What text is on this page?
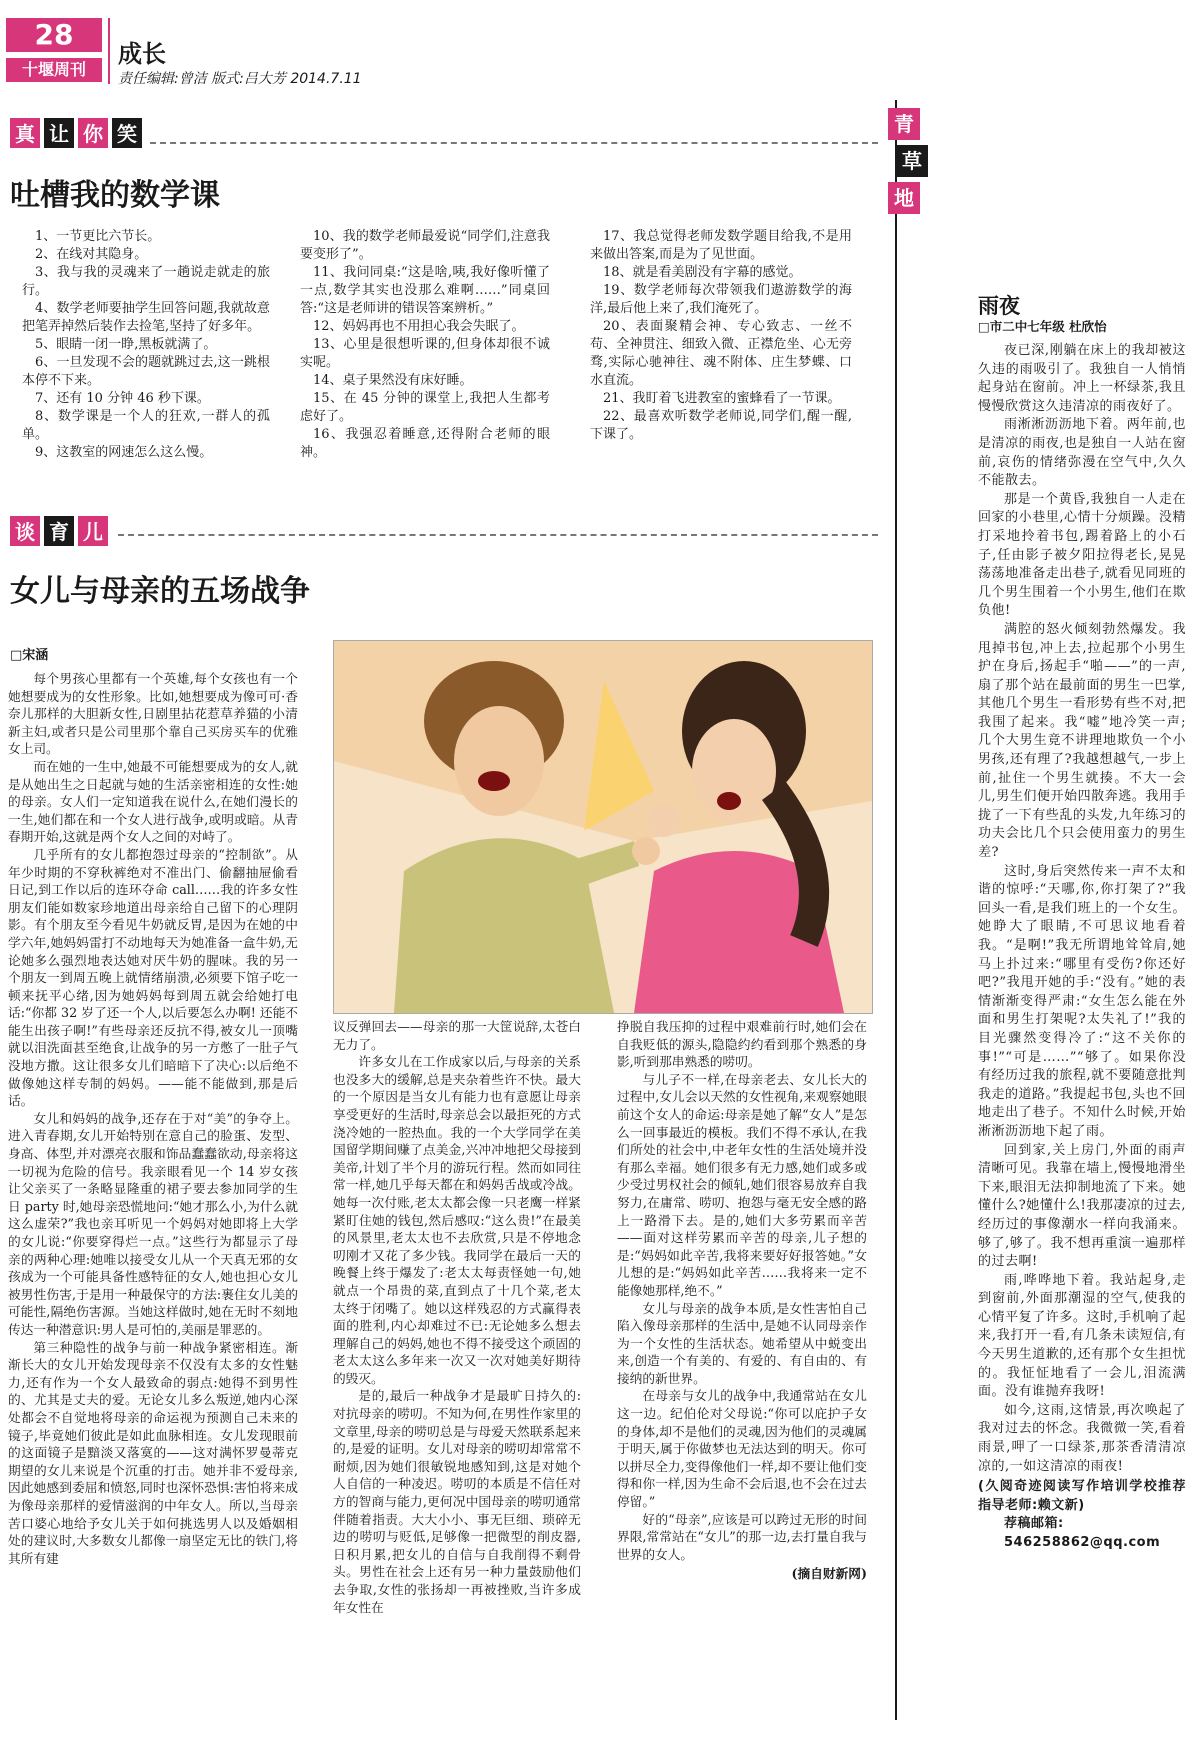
28
十堰周刊
成长
责任编辑:曾洁 版式:吕大芳 2014.7.11
真 让 你 笑
吐槽我的数学课

1、一节更比六节长。

2、在线对其隐身。

3、我与我的灵魂来了一趟说走就走的旅行。

4、数学老师要抽学生回答问题,我就故意把笔弄掉然后装作去捡笔,坚持了好多年。

5、眼睛一闭一睁,黑板就满了。

6、一旦发现不会的题就跳过去,这一跳根本停不下来。

7、还有 10 分钟 46 秒下课。

8、数学课是一个人的狂欢,一群人的孤单。

9、这教室的网速怎么这么慢。

10、我的数学老师最爱说“同学们,注意我要变形了”。

11、我问同桌:“这是啥,咦,我好像听懂了一点,数学其实也没那么难啊……”同桌回答:“这是老师讲的错误答案辨析。”

12、妈妈再也不用担心我会失眠了。

13、心里是很想听课的,但身体却很不诚实呢。

14、桌子果然没有床好睡。

15、在 45 分钟的课堂上,我把人生都考虑好了。

16、我强忍着睡意,还得附合老师的眼神。

17、我总觉得老师发数学题目给我,不是用来做出答案,而是为了见世面。

18、就是看美剧没有字幕的感觉。

19、数学老师每次带领我们遨游数学的海洋,最后他上来了,我们淹死了。

20、表面聚精会神、专心致志、一丝不苟、全神贯注、细致入微、正襟危坐、心无旁骛,实际心驰神往、魂不附体、庄生梦蝶、口水直流。

21、我盯着飞进教室的蜜蜂看了一节课。

22、最喜欢听数学老师说,同学们,醒一醒,下课了。

谈 育 儿
女儿与母亲的五场战争
□宋涵

每个男孩心里都有一个英雄,每个女孩也有一个她想要成为的女性形象。比如,她想要成为像可可·香奈儿那样的大胆新女性,日剧里拈花惹草养猫的小清新主妇,或者只是公司里那个靠自己买房买车的优雅女上司。

而在她的一生中,她最不可能想要成为的女人,就是从她出生之日起就与她的生活亲密相连的女性:她的母亲。女人们一定知道我在说什么,在她们漫长的一生,她们都在和一个女人进行战争,或明或暗。从青春期开始,这就是两个女人之间的对峙了。

几乎所有的女儿都抱怨过母亲的“控制欲”。从年少时期的不穿秋裤绝对不准出门、偷翻抽屉偷看日记,到工作以后的连环夺命 call……我的许多女性朋友们能如数家珍地道出母亲给自己留下的心理阴影。有个朋友至今看见牛奶就反胃,是因为在她的中学六年,她妈妈雷打不动地每天为她准备一盒牛奶,无论她多么强烈地表达她对厌牛奶的腥味。我的另一个朋友一到周五晚上就情绪崩溃,必须要下馆子吃一顿来抚平心绪,因为她妈妈每到周五就会给她打电话:“你都 32 岁了还一个人,以后要怎么办啊! 还能不能生出孩子啊!”有些母亲还反抗不得,被女儿一顶嘴就以泪洗面甚至绝食,让战争的另一方憋了一肚子气没地方撒。这让很多女儿们暗暗下了决心:以后绝不做像她这样专制的妈妈。——能不能做到,那是后话。

女儿和妈妈的战争,还存在于对“美”的争夺上。进入青春期,女儿开始特别在意自己的脸蛋、发型、身高、体型,并对漂亮衣服和饰品蠢蠢欲动,母亲将这一切视为危险的信号。我亲眼看见一个 14 岁女孩让父亲买了一条略显隆重的裙子要去参加同学的生日 party 时,她母亲恐慌地问:“她才那么小,为什么就这么虚荣?”我也亲耳听见一个妈妈对她即将上大学的女儿说:“你要穿得烂一点。”这些行为都显示了母亲的两种心理:她唯以接受女儿从一个天真无邪的女孩成为一个可能具备性感特征的女人,她也担心女儿被男性伤害,于是用一种最保守的方法:裹住女儿美的可能性,隔绝伤害源。当她这样做时,她在无时不刻地传达一种潜意识:男人是可怕的,美丽是罪恶的。

第三种隐性的战争与前一种战争紧密相连。渐渐长大的女儿开始发现母亲不仅没有太多的女性魅力,还有作为一个女人最致命的弱点:她得不到男性的、尤其是丈夫的爱。无论女儿多么叛逆,她内心深处都会不自觉地将母亲的命运视为预测自己未来的镜子,毕竟她们彼此是如此血脉相连。女儿发现眼前的这面镜子是黯淡又落寞的——这对满怀罗曼蒂克期望的女儿来说是个沉重的打击。她并非不爱母亲,因此她感到委屈和愤怒,同时也深怀恐惧:害怕将来成为像母亲那样的爱情滋润的中年女人。所以,当母亲苦口婆心地给予女儿关于如何挑选男人以及婚姻相处的建议时,大多数女儿都像一扇坚定无比的铁门,将其所有建

议反弹回去——母亲的那一大筐说辞,太苍白无力了。

许多女儿在工作成家以后,与母亲的关系也没多大的缓解,总是夹杂着些许不快。最大的一个原因是当女儿有能力也有意愿让母亲享受更好的生活时,母亲总会以最拒死的方式浇冷她的一腔热血。我的一个大学同学在美国留学期间赚了点美金,兴冲冲地把父母接到美帝,计划了半个月的游玩行程。然而如同往常一样,她几乎每天都在和妈妈舌战或冷战。她每一次付账,老太太都会像一只老鹰一样紧紧盯住她的钱包,然后感叹:“这么贵!”在最美的风景里,老太太也不去欣赏,只是不停地念叨刚才又花了多少钱。我同学在最后一天的晚餐上终于爆发了:老太太每责怪她一句,她就点一个昂贵的菜,直到点了十几个菜,老太太终于闭嘴了。她以这样残忍的方式赢得表面的胜利,内心却难过不已:无论她多么想去理解自己的妈妈,她也不得不接受这个顽固的老太太这么多年来一次又一次对她美好期待的毁灭。

是的,最后一种战争才是最旷日持久的:对抗母亲的唠叨。不知为何,在男性作家里的文章里,母亲的唠叨总是与母爱天然联系起来的,是爱的证明。女儿对母亲的唠叨却常常不耐烦,因为她们很敏锐地感知到,这是对她个人自信的一种凌迟。唠叨的本质是不信任对方的智商与能力,更何况中国母亲的唠叨通常伴随着指责。大大小小、事无巨细、琐碎无边的唠叨与贬低,足够像一把微型的削皮器,日积月累,把女儿的自信与自我削得不剩骨头。男性在社会上还有另一种力量鼓励他们去争取,女性的张扬却一再被挫败,当许多成年女性在

挣脱自我压抑的过程中艰难前行时,她们会在自我贬低的源头,隐隐约约看到那个熟悉的身影,听到那串熟悉的唠叨。

与儿子不一样,在母亲老去、女儿长大的过程中,女儿会以天然的女性视角,来观察她眼前这个女人的命运:母亲是她了解“女人”是怎么一回事最近的模板。我们不得不承认,在我们所处的社会中,中老年女性的生活处境并没有那么幸福。她们很多有无力感,她们或多或少受过男权社会的倾轧,她们很容易放弃自我努力,在庸常、唠叨、抱怨与毫无安全感的路上一路滑下去。是的,她们大多劳累而辛苦——面对这样劳累而辛苦的母亲,儿子想的是:“妈妈如此辛苦,我将来要好好报答她。”女儿想的是:“妈妈如此辛苦……我将来一定不能像她那样,绝不。”

女儿与母亲的战争本质,是女性害怕自己陷入像母亲那样的生活中,是她不认同母亲作为一个女性的生活状态。她希望从中蜕变出来,创造一个有美的、有爱的、有自由的、有接纳的新世界。

在母亲与女儿的战争中,我通常站在女儿这一边。纪伯伦对父母说:“你可以庇护子女的身体,却不是他们的灵魂,因为他们的灵魂属于明天,属于你做梦也无法达到的明天。你可以拼尽全力,变得像他们一样,却不要让他们变得和你一样,因为生命不会后退,也不会在过去停留。”

好的“母亲”,应该是可以跨过无形的时间界限,常常站在“女儿”的那一边,去打量自我与世界的女人。

(摘自财新网)
青
草
地
雨夜
□市二中七年级 杜欣怡

夜已深,刚躺在床上的我却被这久违的雨吸引了。我独自一人悄悄起身站在窗前。冲上一杯绿茶,我且慢慢欣赏这久违清凉的雨夜好了。

雨淅淅沥沥地下着。两年前,也是清凉的雨夜,也是独自一人站在窗前,哀伤的情绪弥漫在空气中,久久不能散去。

那是一个黄昏,我独自一人走在回家的小巷里,心情十分烦躁。没精打采地拎着书包,踢着路上的小石子,任由影子被夕阳拉得老长,晃晃荡荡地准备走出巷子,就看见同班的几个男生围着一个小男生,他们在欺负他!

满腔的怒火倾刻勃然爆发。我甩掉书包,冲上去,拉起那个小男生护在身后,扬起手“啪——”的一声,扇了那个站在最前面的男生一巴掌,其他几个男生一看形势有些不对,把我围了起来。我“嘘”地冷笑一声;几个大男生竟不讲理地欺负一个小男孩,还有理了?我越想越气,一步上前,扯住一个男生就揍。不大一会儿,男生们便开始四散奔逃。我用手拢了一下有些乱的头发,九年练习的功夫会比几个只会使用蛮力的男生差?

这时,身后突然传来一声不太和谐的惊呼:“天哪,你,你打架了?”我回头一看,是我们班上的一个女生。她睁大了眼睛,不可思议地看着我。“是啊!”我无所谓地耸耸肩,她马上扑过来:“哪里有受伤?你还好吧?”我甩开她的手:“没有。”她的表情渐渐变得严肃:“女生怎么能在外面和男生打架呢?太失礼了!”我的目光骤然变得冷了:“这不关你的事!”“可是……”“够了。如果你没有经历过我的旅程,就不要随意批判我走的道路。”我提起书包,头也不回地走出了巷子。不知什么时候,开始淅淅沥沥地下起了雨。

回到家,关上房门,外面的雨声清晰可见。我靠在墙上,慢慢地滑坐下来,眼泪无法抑制地流了下来。她懂什么?她懂什么!我那凄凉的过去,经历过的事像潮水一样向我涌来。够了,够了。我不想再重演一遍那样的过去啊!

雨,哗哗地下着。我站起身,走到窗前,外面那潮湿的空气,使我的心情平复了许多。这时,手机响了起来,我打开一看,有几条未读短信,有今天男生道歉的,还有那个女生担忧的。我怔怔地看了一会儿,泪流满面。没有谁抛弃我呀!

如今,这雨,这情景,再次唤起了我对过去的怀念。我微微一笑,看着雨景,呷了一口绿茶,那茶香清清凉凉的,一如这清凉的雨夜!

(久阅奇迹阅读写作培训学校推荐 指导老师:赖文新)
荐稿邮箱:
546258862@qq.com
